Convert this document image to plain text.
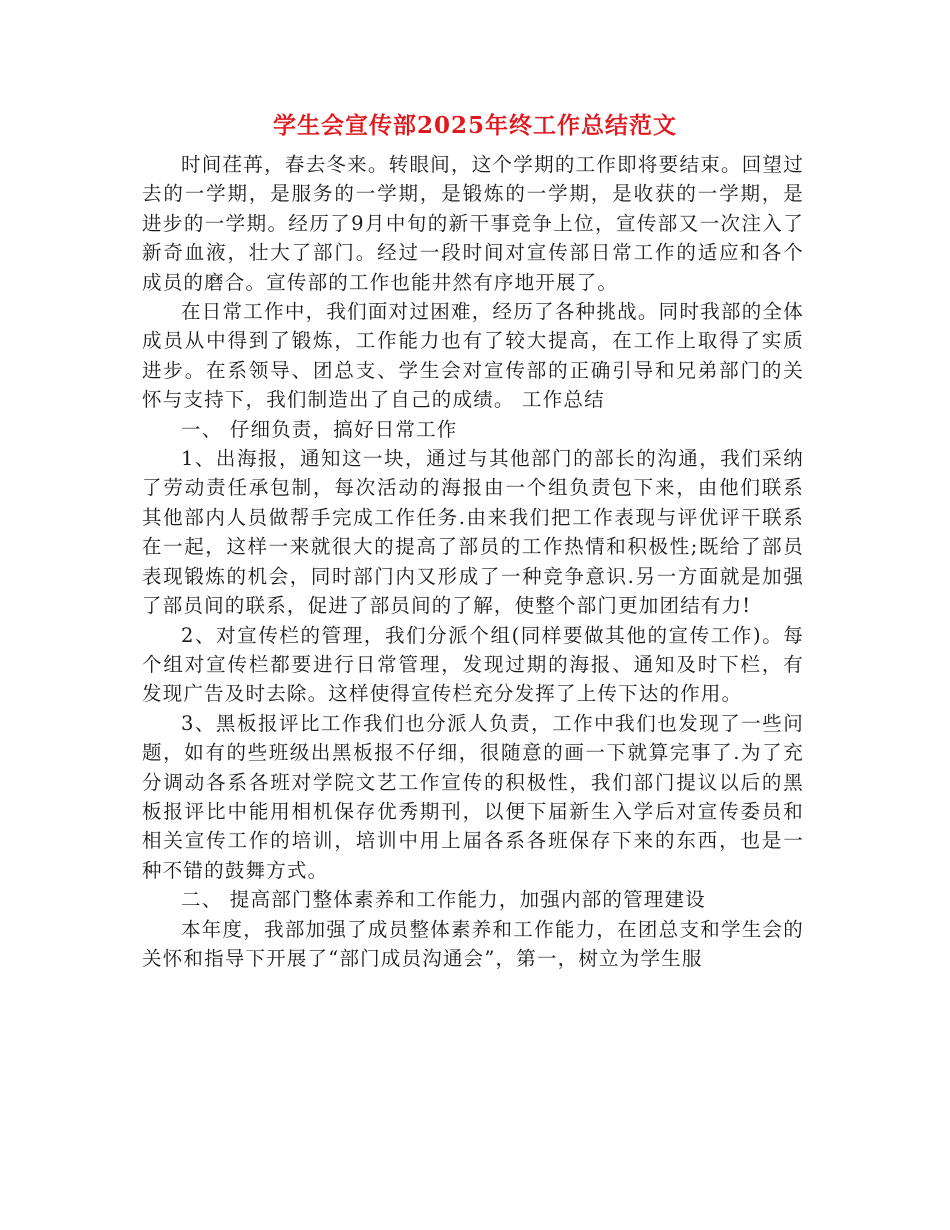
学生会宣传部2025年终工作总结范文

时间荏苒，春去冬来。转眼间，这个学期的工作即将要结束。回望过去的一学期，是服务的一学期，是锻炼的一学期，是收获的一学期，是进步的一学期。经历了9月中旬的新干事竞争上位，宣传部又一次注入了新奇血液，壮大了部门。经过一段时间对宣传部日常工作的适应和各个成员的磨合。宣传部的工作也能井然有序地开展了。

在日常工作中，我们面对过困难，经历了各种挑战。同时我部的全体成员从中得到了锻炼，工作能力也有了较大提高，在工作上取得了实质进步。在系领导、团总支、学生会对宣传部的正确引导和兄弟部门的关怀与支持下，我们制造出了自己的成绩。 工作总结

一、 仔细负责，搞好日常工作

1、出海报，通知这一块，通过与其他部门的部长的沟通，我们采纳了劳动责任承包制，每次活动的海报由一个组负责包下来，由他们联系其他部内人员做帮手完成工作任务.由来我们把工作表现与评优评干联系在一起，这样一来就很大的提高了部员的工作热情和积极性;既给了部员表现锻炼的机会，同时部门内又形成了一种竞争意识.另一方面就是加强了部员间的联系，促进了部员间的了解，使整个部门更加团结有力!

2、对宣传栏的管理，我们分派个组(同样要做其他的宣传工作)。每个组对宣传栏都要进行日常管理，发现过期的海报、通知及时下栏，有发现广告及时去除。这样使得宣传栏充分发挥了上传下达的作用。

3、黑板报评比工作我们也分派人负责，工作中我们也发现了一些问题，如有的些班级出黑板报不仔细，很随意的画一下就算完事了.为了充分调动各系各班对学院文艺工作宣传的积极性，我们部门提议以后的黑板报评比中能用相机保存优秀期刊，以便下届新生入学后对宣传委员和相关宣传工作的培训，培训中用上届各系各班保存下来的东西，也是一种不错的鼓舞方式。

二、 提高部门整体素养和工作能力，加强内部的管理建设

本年度，我部加强了成员整体素养和工作能力，在团总支和学生会的关怀和指导下开展了“部门成员沟通会”，第一，树立为学生服
